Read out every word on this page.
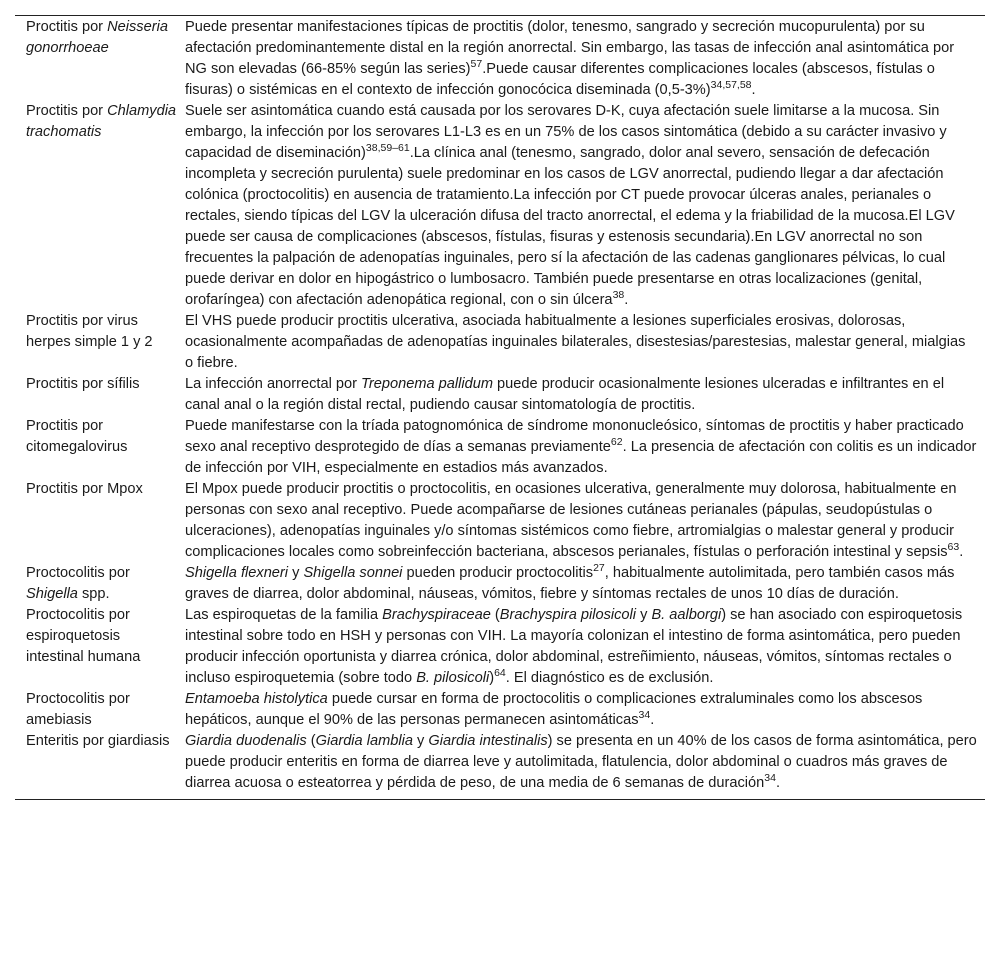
Proctitis por Neisseria gonorrhoeae	Puede presentar manifestaciones típicas de proctitis (dolor, tenesmo, sangrado y secreción mucopurulenta) por su afectación predominantemente distal en la región anorrectal. Sin embargo, las tasas de infección anal asintomática por NG son elevadas (66-85% según las series)$^{57}$.Puede causar diferentes complicaciones locales (abscesos, fístulas o fisuras) o sistémicas en el contexto de infección gonocócica diseminada $(0,5-3\%)^{34,57,58}$.
Proctitis por Chlamydia trachomatis	Suele ser asintomática cuando está causada por los serovares D-K, cuya afectación suele limitarse a la mucosa. Sin embargo, la infección por los serovares L1-L3 es en un 75% de los casos sintomática (debido a su carácter invasivo y capacidad de diseminación)$^{38,59-61}$.La clínica anal (tenesmo, sangrado, dolor anal severo, sensación de defecación incompleta y secreción purulenta) suele predominar en los casos de LGV anorrectal, pudiendo llegar a dar afectación colónica (proctocolitis) en ausencia de tratamiento.La infección por CT puede provocar úlceras anales, perianales o rectales, siendo típicas del LGV la ulceración difusa del tracto anorrectal, el edema y la friabilidad de la mucosa.El LGV puede ser causa de complicaciones (abscesos, fístulas, fisuras y estenosis secundaria).En LGV anorrectal no son frecuentes la palpación de adenopatías inguinales, pero sí la afectación de las cadenas ganglionares pélvicas, lo cual puede derivar en dolor en hipogástrico o lumbosacro. También puede presentarse en otras localizaciones (genital, orofaríngea) con afectación adenopática regional, con o sin úlcera$^{38}$.
Proctitis por virus herpes simple 1 y 2	El VHS puede producir proctitis ulcerativa, asociada habitualmente a lesiones superficiales erosivas, dolorosas, ocasionalmente acompañadas de adenopatías inguinales bilaterales, disestesias/parestesias, malestar general, mialgias o fiebre.
Proctitis por sífilis	La infección anorrectal por Treponema pallidum puede producir ocasionalmente lesiones ulceradas e infiltrantes en el canal anal o la región distal rectal, pudiendo causar sintomatología de proctitis.
Proctitis por citomegalovirus	Puede manifestarse con la tríada patognomónica de síndrome mononucleósico, síntomas de proctitis y haber practicado sexo anal receptivo desprotegido de días a semanas previamente$^{62}$. La presencia de afectación con colitis es un indicador de infección por VIH, especialmente en estadios más avanzados.
Proctitis por Mpox	El Mpox puede producir proctitis o proctocolitis, en ocasiones ulcerativa, generalmente muy dolorosa, habitualmente en personas con sexo anal receptivo. Puede acompañarse de lesiones cutáneas perianales (pápulas, seudopústulas o ulceraciones), adenopatías inguinales y/o síntomas sistémicos como fiebre, artromialgias o malestar general y producir complicaciones locales como sobreinfección bacteriana, abscesos perianales, fístulas o perforación intestinal y sepsis$^{63}$.
Proctocolitis por Shigella spp.	Shigella flexneri y Shigella sonnei pueden producir proctocolitis$^{27}$, habitualmente autolimitada, pero también casos más graves de diarrea, dolor abdominal, náuseas, vómitos, fiebre y síntomas rectales de unos 10 días de duración.
Proctocolitis por espiroquetosis intestinal humana	Las espiroquetas de la familia Brachyspiraceae (Brachyspira pilosicoli y B. aalborgi) se han asociado con espiroquetosis intestinal sobre todo en HSH y personas con VIH. La mayoría colonizan el intestino de forma asintomática, pero pueden producir infección oportunista y diarrea crónica, dolor abdominal, estreñimiento, náuseas, vómitos, síntomas rectales o incluso espiroquetemia (sobre todo B. pilosicoli)$^{64}$. El diagnóstico es de exclusión.
Proctocolitis por amebiasis	Entamoeba histolytica puede cursar en forma de proctocolitis o complicaciones extraluminales como los abscesos hepáticos, aunque el 90% de las personas permanecen asintomáticas$^{34}$.
Enteritis por giardiasis	Giardia duodenalis (Giardia lamblia y Giardia intestinalis) se presenta en un 40% de los casos de forma asintomática, pero puede producir enteritis en forma de diarrea leve y autolimitada, flatulencia, dolor abdominal o cuadros más graves de diarrea acuosa o esteatorrea y pérdida de peso, de una media de 6 semanas de duración$^{34}$.
